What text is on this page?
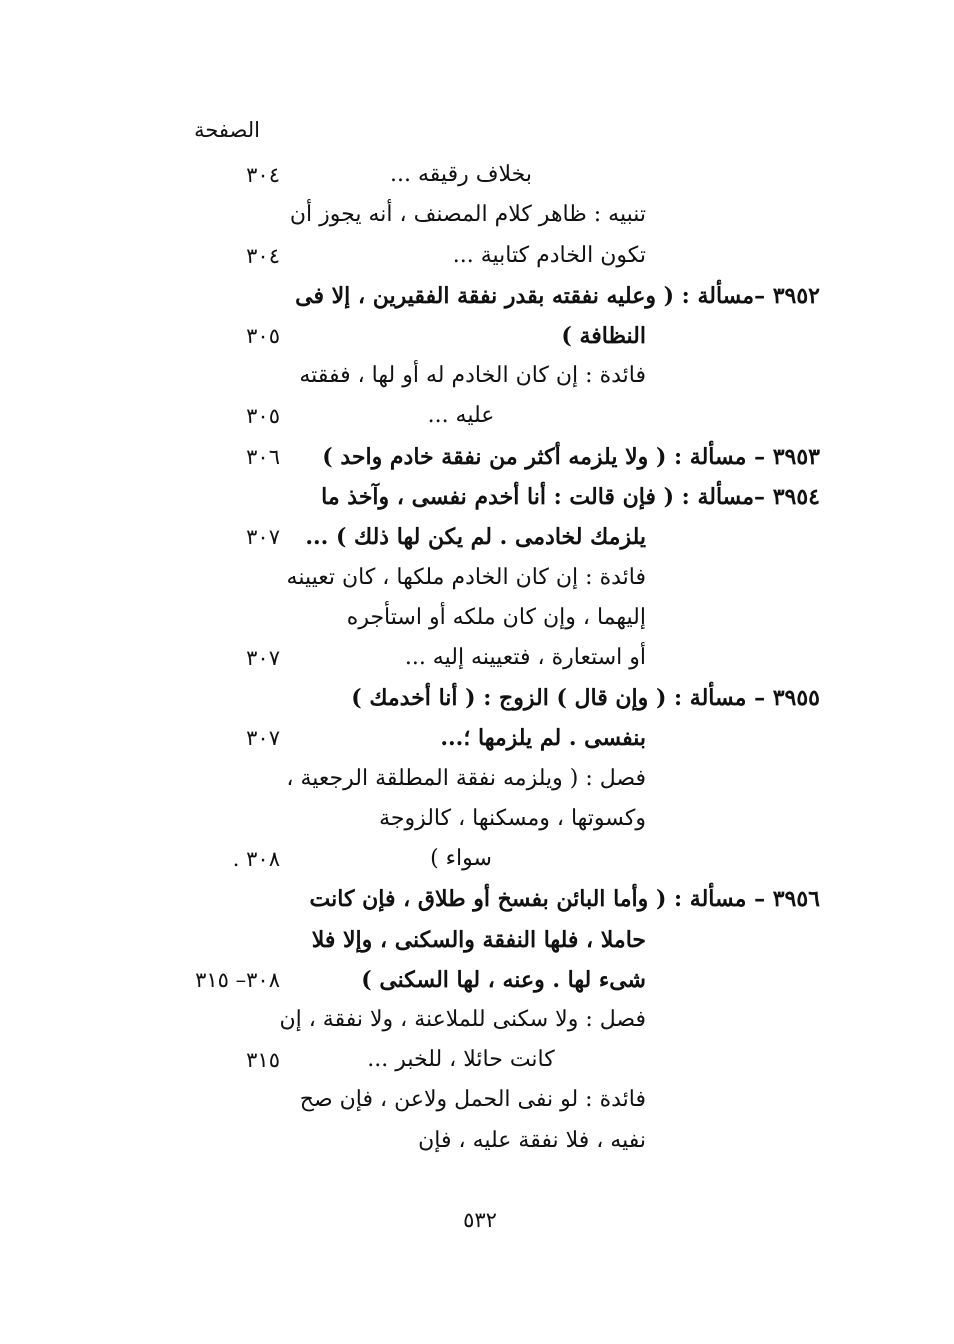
الصفحة
بخلاف رقيقه ...
٣٠٤
تنبيه : ظاهر كلام المصنف ، أنه يجوز أن
تكون الخادم كتابية ...
٣٠٤
٣٩٥٢ –مسألة : ( وعليه نفقته بقدر نفقة الفقيرين ، إلا فى
النظافة )
٣٠٥
فائدة : إن كان الخادم له أو لها ، ففقته
عليه ...
٣٠٥
٣٩٥٣ – مسألة : ( ولا يلزمه أكثر من نفقة خادم واحد )
٣٠٦
٣٩٥٤ –مسألة : ( فإن قالت : أنا أخدم نفسى ، وآخذ ما
يلزمك لخادمى . لم يكن لها ذلك ) ...
٣٠٧
فائدة : إن كان الخادم ملكها ، كان تعيينه
إليهما ، وإن كان ملكه أو استأجره
أو استعارة ، فتعيينه إليه ...
٣٠٧
٣٩٥٥ – مسألة : ( وإن قال ) الزوج : ( أنا أخدمك )
بنفسى . لم يلزمها ؛...
٣٠٧
فصل : ( ويلزمه نفقة المطلقة الرجعية ،
وكسوتها ، ومسكنها ، كالزوجة
سواء )
٣٠٨ .
٣٩٥٦ – مسألة : ( وأما البائن بفسخ أو طلاق ، فإن كانت
حاملا ، فلها النفقة والسكنى ، وإلا فلا
شىء لها . وعنه ، لها السكنى )
٣٠٨– ٣١٥
فصل : ولا سكنى للملاعنة ، ولا نفقة ، إن
كانت حائلا ، للخبر ...
٣١٥
فائدة : لو نفى الحمل ولاعن ، فإن صح
نفيه ، فلا نفقة عليه ، فإن
٥٣٢
